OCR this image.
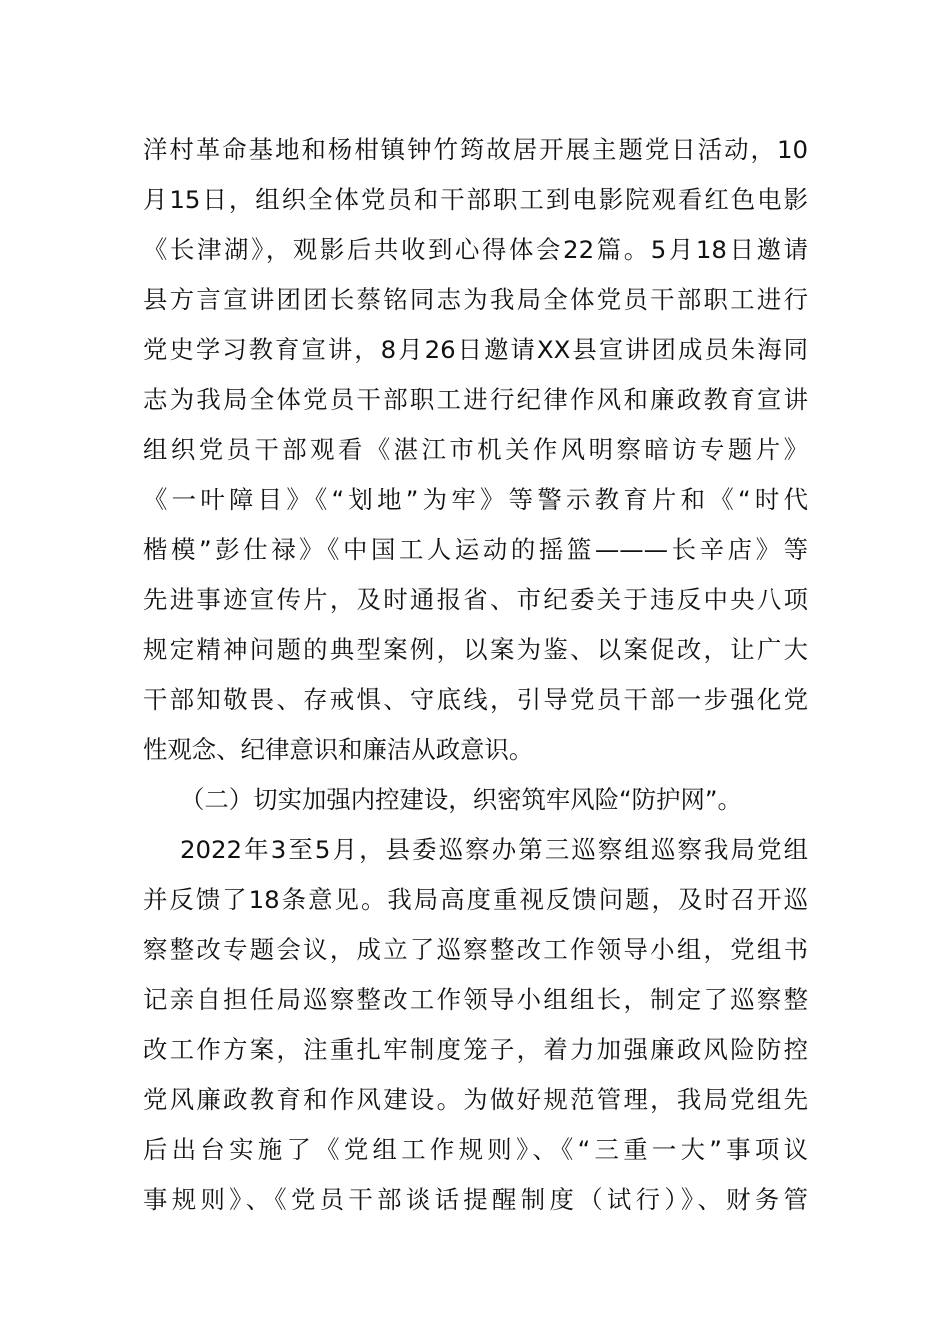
洋村革命基地和杨柑镇钟竹筠故居开展主题党日活动，10
月15日，组织全体党员和干部职工到电影院观看红色电影
《长津湖》，观影后共收到心得体会22篇。5月18日邀请
县方言宣讲团团长蔡铭同志为我局全体党员干部职工进行
党史学习教育宣讲，8月26日邀请XX县宣讲团成员朱海同
志为我局全体党员干部职工进行纪律作风和廉政教育宣讲
组织党员干部观看《湛江市机关作风明察暗访专题片》
《一叶障目》《“划地”为牢》等警示教育片和《“时代
楷模”彭仕禄》《中国工人运动的摇篮———长辛店》等
先进事迹宣传片，及时通报省、市纪委关于违反中央八项
规定精神问题的典型案例，以案为鉴、以案促改，让广大
干部知敬畏、存戒惧、守底线，引导党员干部一步强化党
性观念、纪律意识和廉洁从政意识。
（二）切实加强内控建设，织密筑牢风险“防护网”。
2022年3至5月，县委巡察办第三巡察组巡察我局党组
并反馈了18条意见。我局高度重视反馈问题，及时召开巡
察整改专题会议，成立了巡察整改工作领导小组，党组书
记亲自担任局巡察整改工作领导小组组长，制定了巡察整
改工作方案，注重扎牢制度笼子，着力加强廉政风险防控
党风廉政教育和作风建设。为做好规范管理，我局党组先
后出台实施了《党组工作规则》、《“三重一大”事项议
事规则》、《党员干部谈话提醒制度（试行）》、财务管
